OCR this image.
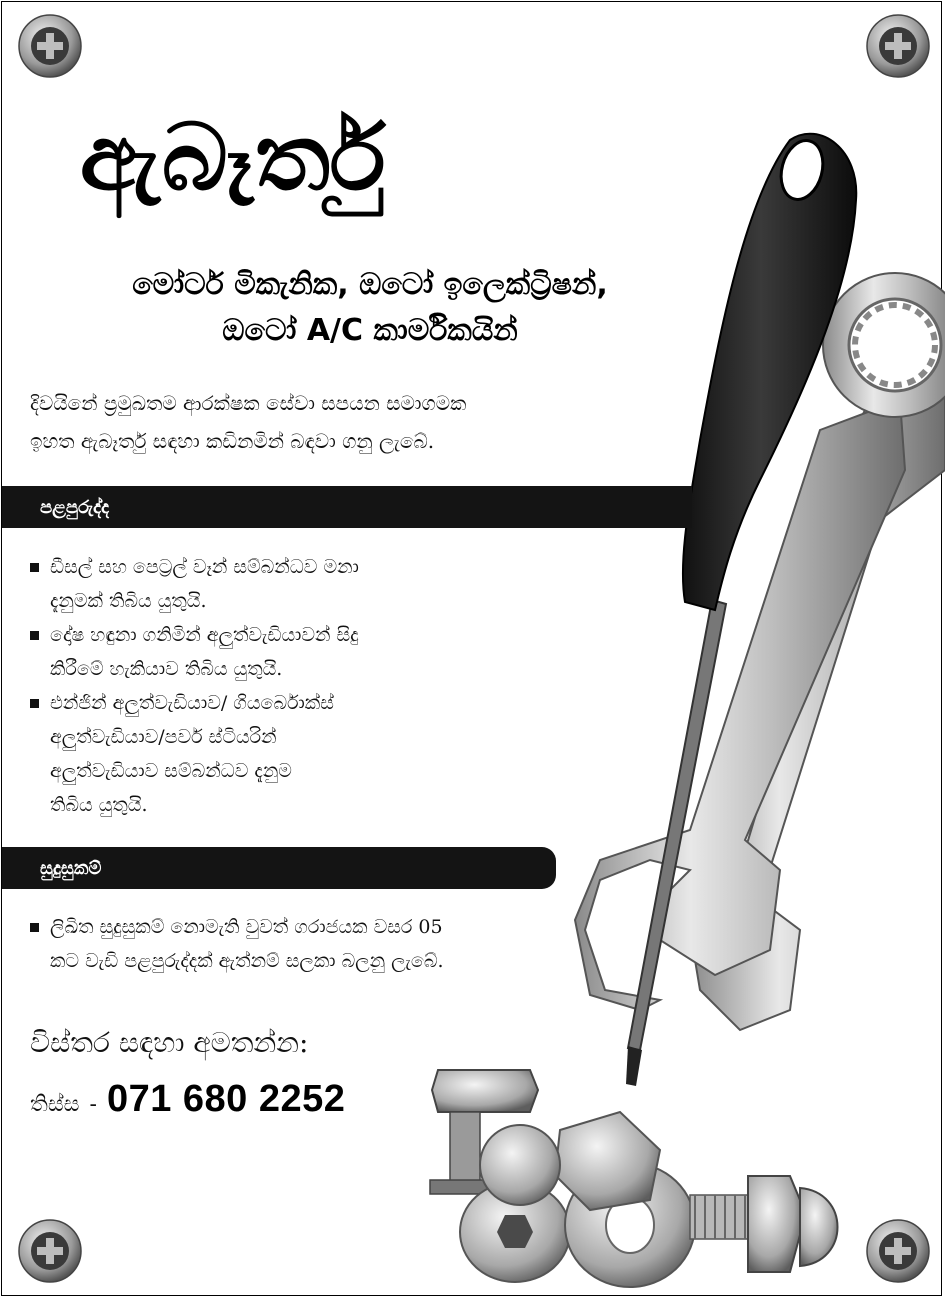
ඇබෑර්තු
මෝටර් මිකැනික, ඔටෝ ඉලෙක්ට්‍රිෂන්,
ඔටෝ A/C කාර්මිකයින්
දිවයිනේ ප්‍රමුඛතම ආරක්ෂක සේවා සපයන සමාගමක
ඉහත ඇබෑර්තු සඳහා කඩිනමින් බඳවා ගනු ලැබේ.
පළපුරුද්ද
ඩීසල් සහ පෙට්‍රල් වෑන් සම්බන්ධව මනා
දැනුමක් තිබිය යුතුයි.
දෝෂ හඳුනා ගනිමින් අලුත්වැඩියාවන් සිදු
කිරීමේ හැකියාව තිබිය යුතුයි.
එන්ජින් අලුත්වැඩියාව/ ගියර්බොක්ස්
අලුත්වැඩියාව/පවර් ස්ටියරින්
අලුත්වැඩියාව සම්බන්ධව දැනුම
තිබිය යුතුයි.
සුදුසුකම්
ලිඛිත සුදුසුකම් නොමැති වුවත් ගරාජයක වසර 05
කට වැඩි පළපුරුද්දක් ඇත්නම් සලකා බලනු ලැබේ.
විස්තර සඳහා අමතන්න:
තිස්ස - 071 680 2252
